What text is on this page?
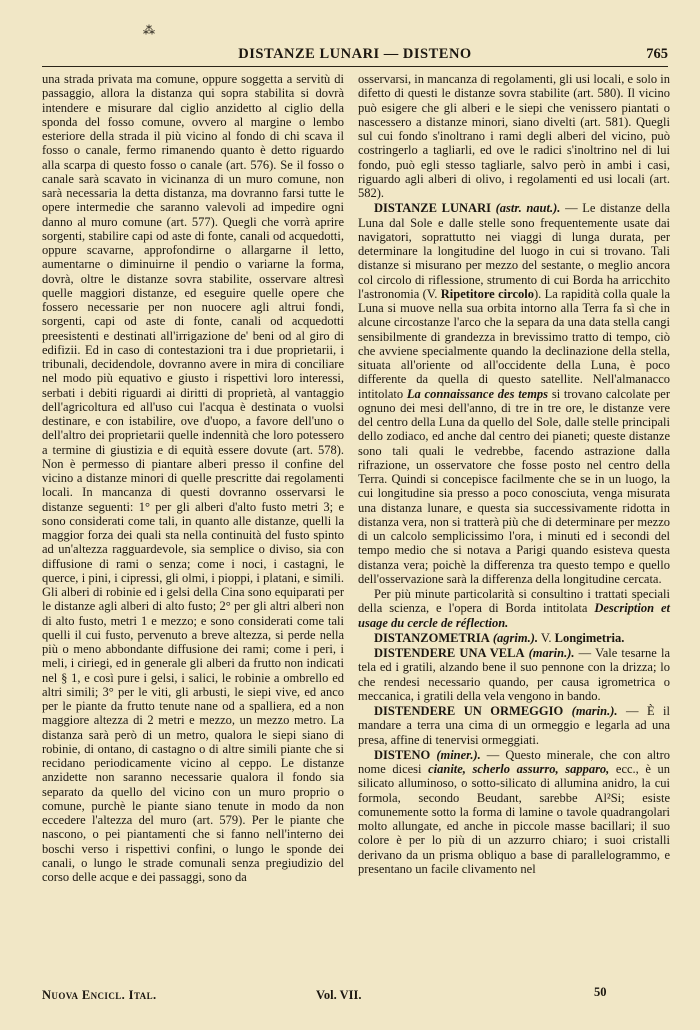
⁂
DISTANZE LUNARI — DISTENO	765

una strada privata ma comune, oppure soggetta a servitù di passaggio, allora la distanza qui sopra stabilita si dovrà intendere e misurare dal ciglio anzidetto al ciglio della sponda del fosso comune, ovvero al margine o lembo esteriore della strada il più vicino al fondo di chi scava il fosso o canale, fermo rimanendo quanto è detto riguardo alla scarpa di questo fosso o canale (art. 576). Se il fosso o canale sarà scavato in vicinanza di un muro comune, non sarà necessaria la detta distanza, ma dovranno farsi tutte le opere intermedie che saranno valevoli ad impedire ogni danno al muro comune (art. 577). Quegli che vorrà aprire sorgenti, stabilire capi od aste di fonte, canali od acquedotti, oppure scavarne, approfondirne o allargarne il letto, aumentarne o diminuirne il pendio o variarne la forma, dovrà, oltre le distanze sovra stabilite, osservare altresì quelle maggiori distanze, ed eseguire quelle opere che fossero necessarie per non nuocere agli altrui fondi, sorgenti, capi od aste di fonte, canali od acquedotti preesistenti e destinati all'irrigazione de' beni od al giro di edifizii. Ed in caso di contestazioni tra i due proprietarii, i tribunali, decidendole, dovranno avere in mira di conciliare nel modo più equativo e giusto i rispettivi loro interessi, serbati i debiti riguardi ai diritti di proprietà, al vantaggio dell'agricoltura ed all'uso cui l'acqua è destinata o vuolsi destinare, e con istabilire, ove d'uopo, a favore dell'uno o dell'altro dei proprietarii quelle indennità che loro potessero a termine di giustizia e di equità essere dovute (art. 578). Non è permesso di piantare alberi presso il confine del vicino a distanze minori di quelle prescritte dai regolamenti locali. In mancanza di questi dovranno osservarsi le distanze seguenti: 1° per gli alberi d'alto fusto metri 3; e sono considerati come tali, in quanto alle distanze, quelli la maggior forza dei quali sta nella continuità del fusto spinto ad un'altezza ragguardevole, sia semplice o diviso, sia con diffusione di rami o senza; come i noci, i castagni, le querce, i pini, i cipressi, gli olmi, i pioppi, i platani, e simili. Gli alberi di robinie ed i gelsi della Cina sono equiparati per le distanze agli alberi di alto fusto; 2° per gli altri alberi non di alto fusto, metri 1 e mezzo; e sono considerati come tali quelli il cui fusto, pervenuto a breve altezza, si perde nella più o meno abbondante diffusione dei rami; come i peri, i meli, i ciriegi, ed in generale gli alberi da frutto non indicati nel § 1, e così pure i gelsi, i salici, le robinie a ombrello ed altri simili; 3° per le viti, gli arbusti, le siepi vive, ed anco per le piante da frutto tenute nane od a spalliera, ed a non maggiore altezza di 2 metri e mezzo, un mezzo metro. La distanza sarà però di un metro, qualora le siepi siano di robinie, di ontano, di castagno o di altre simili piante che si recidano periodicamente vicino al ceppo. Le distanze anzidette non saranno necessarie qualora il fondo sia separato da quello del vicino con un muro proprio o comune, purchè le piante siano tenute in modo da non eccedere l'altezza del muro (art. 579). Per le piante che nascono, o pei piantamenti che si fanno nell'interno dei boschi verso i rispettivi confini, o lungo le sponde dei canali, o lungo le strade comunali senza pregiudizio del corso delle acque e dei passaggi, sono da

osservarsi, in mancanza di regolamenti, gli usi locali, e solo in difetto di questi le distanze sovra stabilite (art. 580). Il vicino può esigere che gli alberi e le siepi che venissero piantati o nascessero a distanze minori, siano divelti (art. 581). Quegli sul cui fondo s'inoltrano i rami degli alberi del vicino, può costringerlo a tagliarli, ed ove le radici s'inoltrino nel di lui fondo, può egli stesso tagliarle, salvo però in ambi i casi, riguardo agli alberi di olivo, i regolamenti ed usi locali (art. 582).

DISTANZE LUNARI (astr. naut.). — Le distanze della Luna dal Sole e dalle stelle sono frequentemente usate dai navigatori, soprattutto nei viaggi di lunga durata, per determinare la longitudine del luogo in cui si trovano. Tali distanze si misurano per mezzo del sestante, o meglio ancora col circolo di riflessione, strumento di cui Borda ha arricchito l'astronomia (V. Ripetitore circolo). La rapidità colla quale la Luna si muove nella sua orbita intorno alla Terra fa sì che in alcune circostanze l'arco che la separa da una data stella cangi sensibilmente di grandezza in brevissimo tratto di tempo, ciò che avviene specialmente quando la declinazione della stella, situata all'oriente od all'occidente della Luna, è poco differente da quella di questo satellite. Nell'almanacco intitolato La connaissance des temps si trovano calcolate per ognuno dei mesi dell'anno, di tre in tre ore, le distanze vere del centro della Luna da quello del Sole, dalle stelle principali dello zodiaco, ed anche dal centro dei pianeti; queste distanze sono tali quali le vedrebbe, facendo astrazione dalla rifrazione, un osservatore che fosse posto nel centro della Terra. Quindi si concepisce facilmente che se in un luogo, la cui longitudine sia presso a poco conosciuta, venga misurata una distanza lunare, e questa sia successivamente ridotta in distanza vera, non si tratterà più che di determinare per mezzo di un calcolo semplicissimo l'ora, i minuti ed i secondi del tempo medio che si notava a Parigi quando esisteva questa distanza vera; poichè la differenza tra questo tempo e quello dell'osservazione sarà la differenza della longitudine cercata.

Per più minute particolarità si consultino i trattati speciali della scienza, e l'opera di Borda intitolata Description et usage du cercle de réflection.

DISTANZOMETRIA (agrim.). V. Longimetria.

DISTENDERE UNA VELA (marin.). — Vale tesarne la tela ed i gratili, alzando bene il suo pennone con la drizza; lo che rendesi necessario quando, per causa igrometrica o meccanica, i gratili della vela vengono in bando.

DISTENDERE UN ORMEGGIO (marin.). — È il mandare a terra una cima di un ormeggio e legarla ad una presa, affine di tenervisi ormeggiati.

DISTENO (miner.). — Questo minerale, che con altro nome dicesi cianite, scherlo assurro, sapparo, ecc., è un silicato alluminoso, o sotto-silicato di allumina anidro, la cui formola, secondo Beudant, sarebbe Al²Si; esiste comunemente sotto la forma di lamine o tavole quadrangolari molto allungate, ed anche in piccole masse bacillari; il suo colore è per lo più di un azzurro chiaro; i suoi cristalli derivano da un prisma obliquo a base di parallelogrammo, e presentano un facile clivamento nel

Nuova Encicl. Ital.	Vol. VII.	50
